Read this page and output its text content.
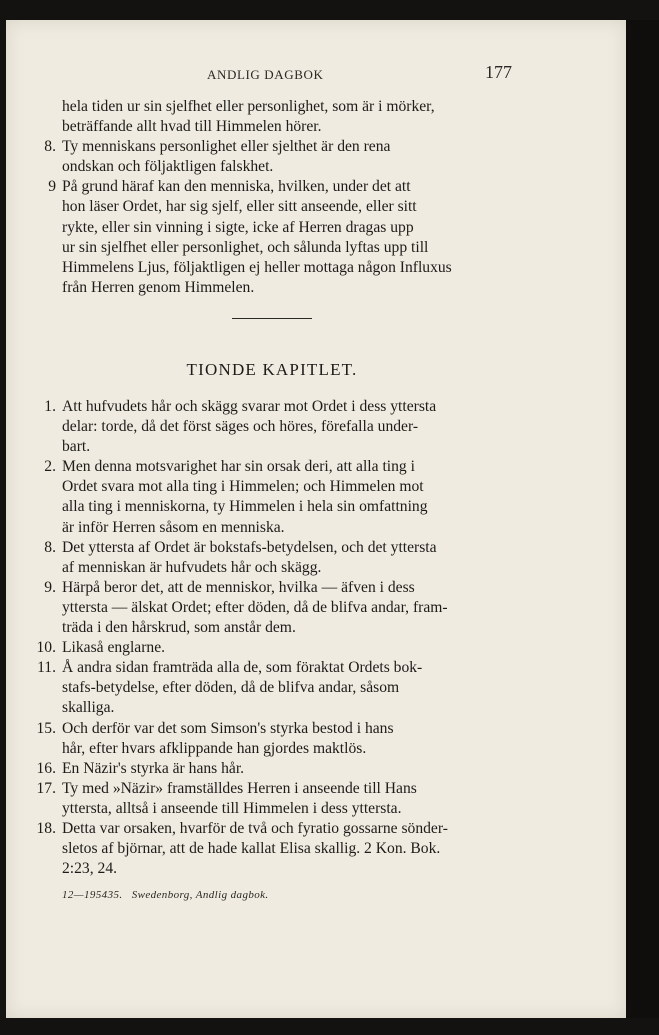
ANDLIG DAGBOK	177
hela tiden ur sin sjelfhet eller personlighet, som är i mörker,
beträffande allt hvad till Himmelen hörer.
8. Ty menniskans personlighet eller sjelthet är den rena
ondskan och följaktligen falskhet.
9 På grund häraf kan den menniska, hvilken, under det att
hon läser Ordet, har sig sjelf, eller sitt anseende, eller sitt
rykte, eller sin vinning i sigte, icke af Herren dragas upp
ur sin sjelfhet eller personlighet, och sålunda lyftas upp till
Himmelens Ljus, följaktligen ej heller mottaga någon Influxus
från Herren genom Himmelen.
TIONDE KAPITLET.
1. Att hufvudets hår och skägg svarar mot Ordet i dess yttersta
delar: torde, då det först säges och höres, förefalla under-
bart.
2. Men denna motsvarighet har sin orsak deri, att alla ting i
Ordet svara mot alla ting i Himmelen; och Himmelen mot
alla ting i menniskorna, ty Himmelen i hela sin omfattning
är inför Herren såsom en menniska.
8. Det yttersta af Ordet är bokstafs-betydelsen, och det yttersta
af menniskan är hufvudets hår och skägg.
9. Härpå beror det, att de menniskor, hvilka — äfven i dess
yttersta — älskat Ordet; efter döden, då de blifva andar, fram-
träda i den hårskrud, som anstår dem.
10. Likaså englarne.
11. Å andra sidan framträda alla de, som föraktat Ordets bok-
stafs-betydelse, efter döden, då de blifva andar, såsom
skalliga.
15. Och derför var det som Simson's styrka bestod i hans
hår, efter hvars afklippande han gjordes maktlös.
16. En Näzir's styrka är hans hår.
17. Ty med »Näzir» framställdes Herren i anseende till Hans
yttersta, alltså i anseende till Himmelen i dess yttersta.
18. Detta var orsaken, hvarför de två och fyratio gossarne sönder-
sletos af björnar, att de hade kallat Elisa skallig. 2 Kon. Bok.
2:23, 24.
12—195435. Swedenborg, Andlig dagbok.
